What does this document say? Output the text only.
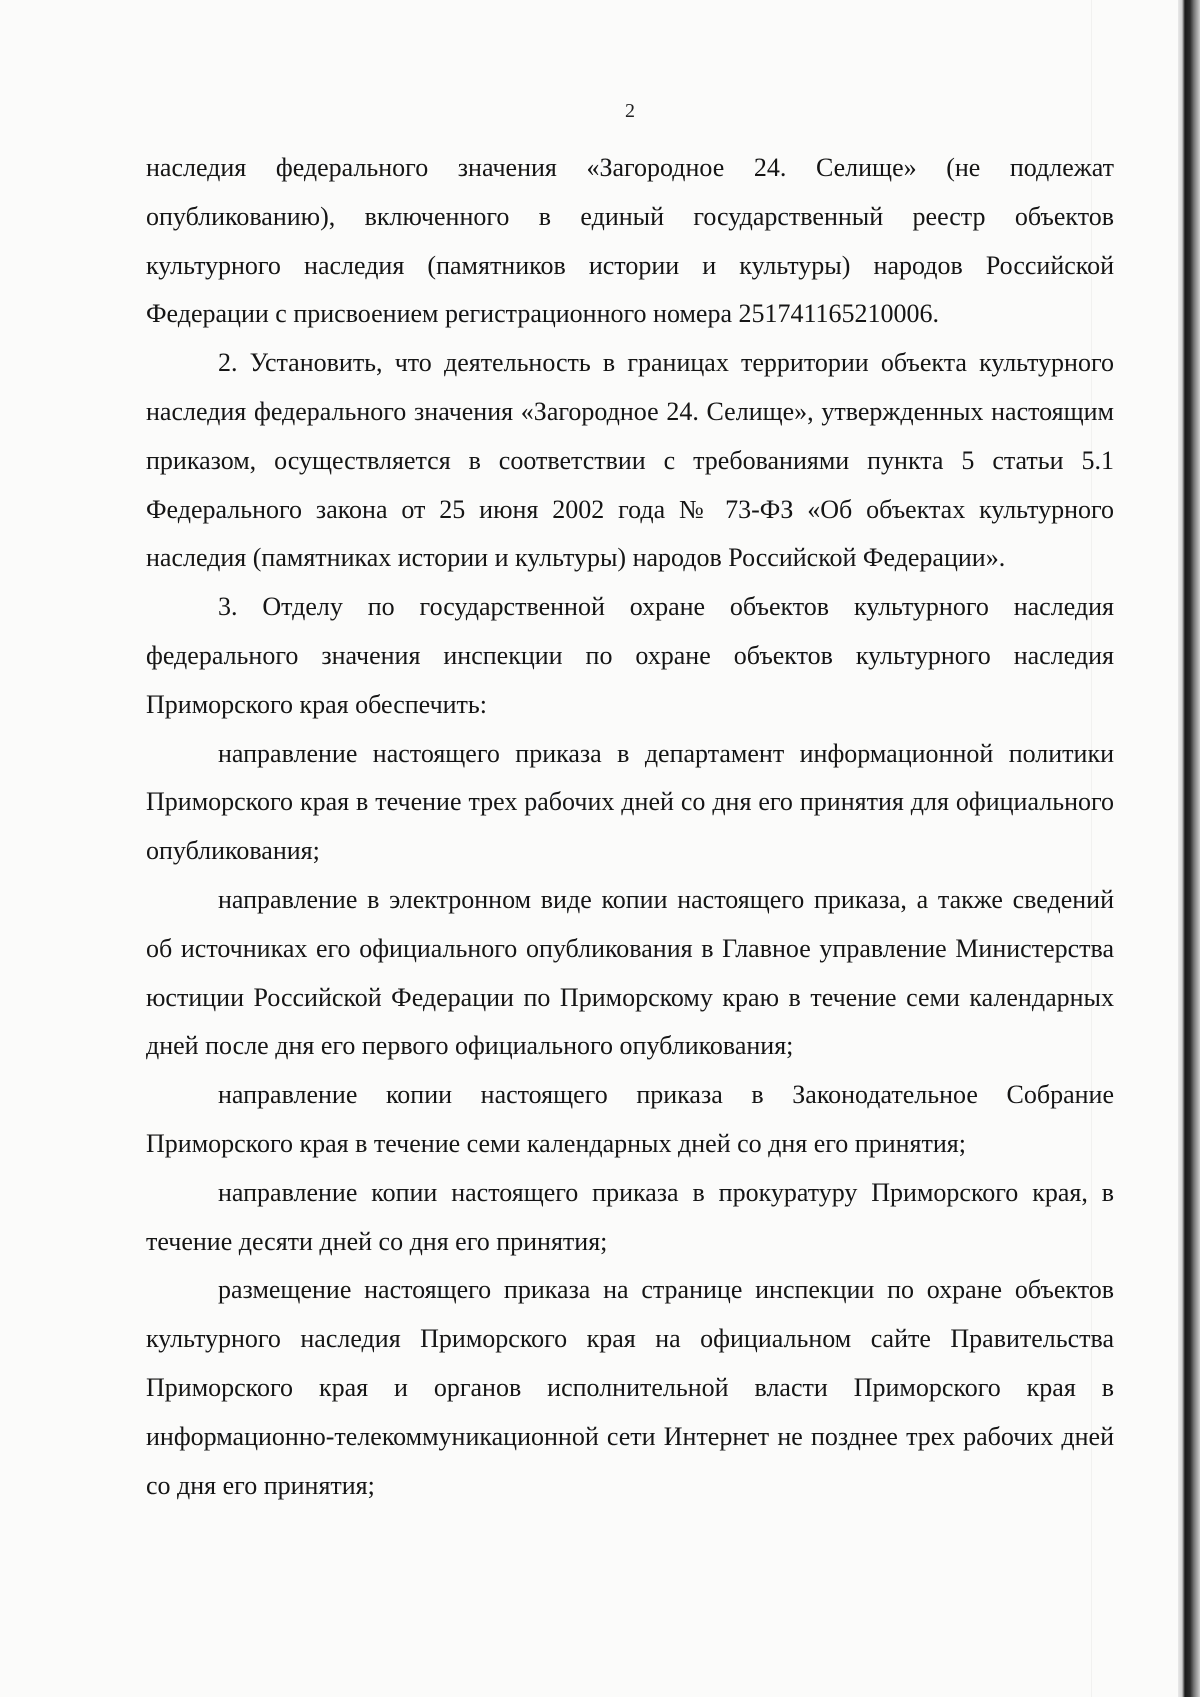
2

наследия федерального значения «Загородное 24. Селище» (не подлежат опубликованию), включенного в единый государственный реестр объектов культурного наследия (памятников истории и культуры) народов Российской Федерации с присвоением регистрационного номера 251741165210006.

2. Установить, что деятельность в границах территории объекта культурного наследия федерального значения «Загородное 24. Селище», утвержденных настоящим приказом, осуществляется в соответствии с требованиями пункта 5 статьи 5.1 Федерального закона от 25 июня 2002 года № 73-ФЗ «Об объектах культурного наследия (памятниках истории и культуры) народов Российской Федерации».

3. Отделу по государственной охране объектов культурного наследия федерального значения инспекции по охране объектов культурного наследия Приморского края обеспечить:

направление настоящего приказа в департамент информационной политики Приморского края в течение трех рабочих дней со дня его принятия для официального опубликования;

направление в электронном виде копии настоящего приказа, а также сведений об источниках его официального опубликования в Главное управление Министерства юстиции Российской Федерации по Приморскому краю в течение семи календарных дней после дня его первого официального опубликования;

направление копии настоящего приказа в Законодательное Собрание Приморского края в течение семи календарных дней со дня его принятия;

направление копии настоящего приказа в прокуратуру Приморского края, в течение десяти дней со дня его принятия;

размещение настоящего приказа на странице инспекции по охране объектов культурного наследия Приморского края на официальном сайте Правительства Приморского края и органов исполнительной власти Приморского края в информационно-телекоммуникационной сети Интернет не позднее трех рабочих дней со дня его принятия;
